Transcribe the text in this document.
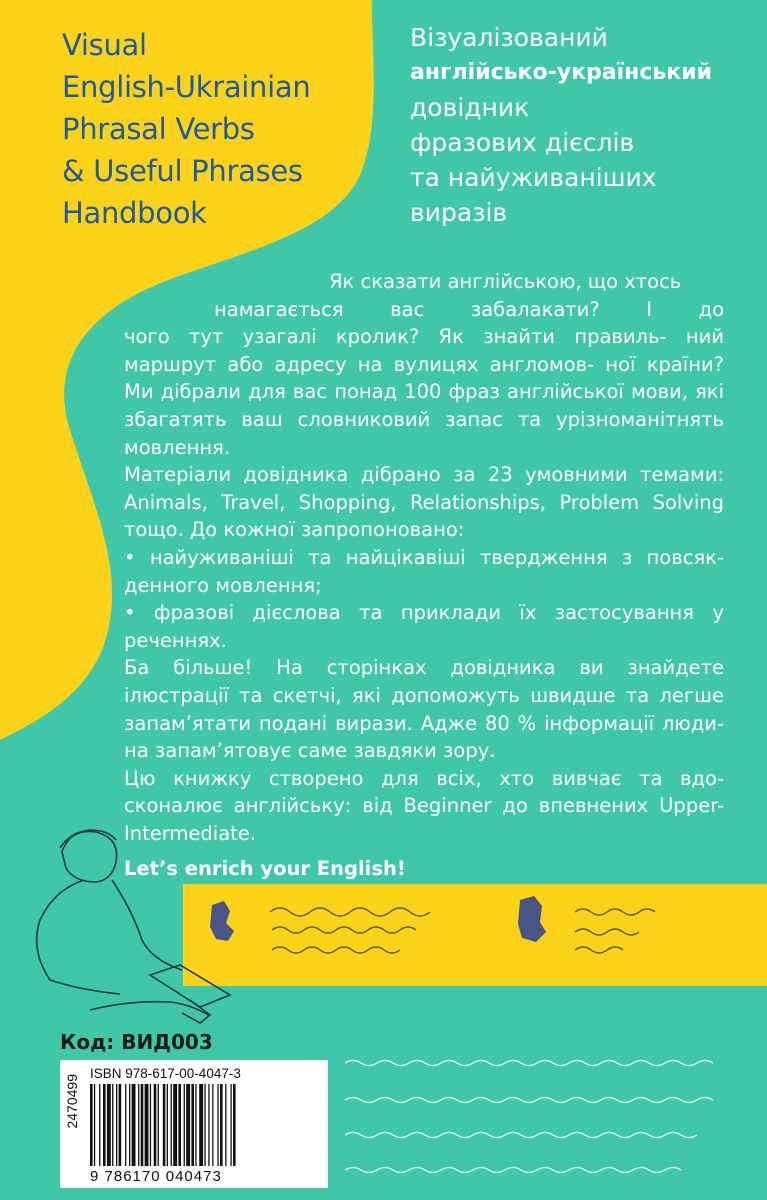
Visual
English-Ukrainian
Phrasal Verbs
& Useful Phrases
Handbook
Візуалізований
англійсько-український
довідник
фразових дієслів
та найуживаніших
виразів

Як сказати англійською, що хтось

намагається вас забалакати? І до

чого тут узагалі кролик? Як знайти правиль- ний маршрут або адресу на вулицях англомов- ної країни? Ми дібрали для вас понад 100 фраз англійської мови, які збагатять ваш словниковий запас та урізноманітнять мовлення.

Матеріали довідника дібрано за 23 умовними темами: Animals, Travel, Shopping, Relationships, Problem Solving тощо. До кожної запропоновано:

• найуживаніші та найцікавіші твердження з повсяк- денного мовлення;

• фразові дієслова та приклади їх застосування у реченнях.

Ба більше! На сторінках довідника ви знайдете ілюстрації та скетчі, які допоможуть швидше та легше запам’ятати подані вирази. Адже 80 % інформації люди- на запам’ятовує саме завдяки зору.

Цю книжку створено для всіх, хто вивчає та вдо- сконалює англійську: від Beginner до впевнених Upper- Intermediate.

Let’s enrich your English!

Код: ВИД003
2470499
ISBN 978-617-00-4047-3
9 786170 040473
